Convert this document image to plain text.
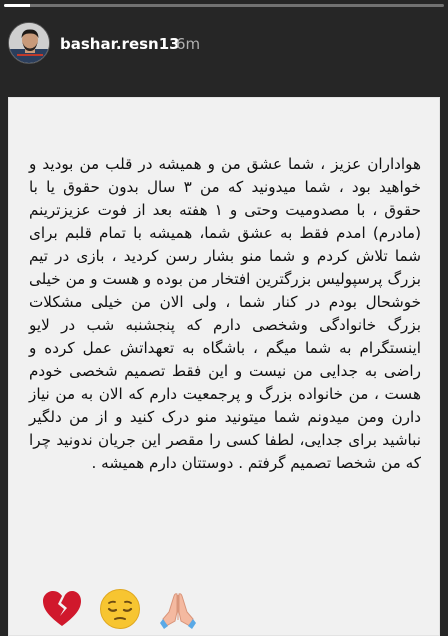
bashar.resn13
6m
هواداران عزیز ، شما عشق من و همیشه در قلب من بودید و خواهید بود ، شما میدونید که من ۳ سال بدون حقوق یا با حقوق ، با مصدومیت وحتی و ۱ هفته بعد از فوت عزیزترینم (مادرم) امدم فقط به عشق شما، همیشه با تمام قلبم برای شما تلاش کردم و شما منو بشار رسن کردید ، بازی در تیم بزرگ پرسپولیس بزرگترین افتخار من بوده و هست و من خیلی خوشحال بودم در کنار شما ، ولی الان من خیلی مشکلات بزرگ خانوادگی وشخصی دارم که پنجشنبه شب در لایو اینستگرام به شما میگم ، باشگاه به تعهداتش عمل کرده و راضی به جدایی من نیست و این فقط تصمیم شخصی خودم هست ، من خانواده بزرگ و پرجمعیت دارم که الان به من نیاز دارن ومن میدونم شما میتونید منو درک کنید و از من دلگیر نباشید برای جدایی، لطفا کسی را مقصر این جریان ندونید چرا که من شخصا تصمیم گرفتم . دوستتان دارم همیشه .
